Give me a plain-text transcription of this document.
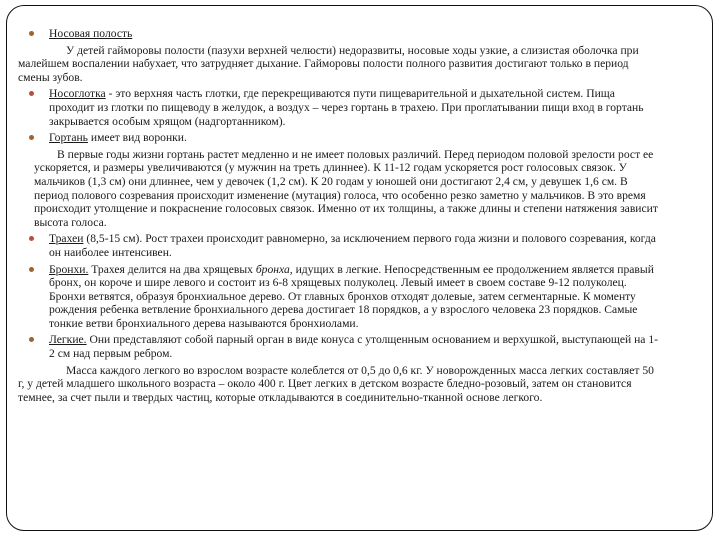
Носовая полость

У детей гайморовы полости (пазухи верхней челюсти) недоразвиты, носовые ходы узкие, а слизистая оболочка при малейшем воспалении набухает, что затрудняет дыхание. Гайморовы полости полного развития достигают только в период смены зубов.

Носоглотка - это верхняя часть глотки, где перекрещиваются пути пищеварительной и дыхательной систем. Пища проходит из глотки по пищеводу в желудок, а воздух – через гортань в трахею. При проглатывании пищи вход в гортань закрывается особым хрящом (надгортанником).
Гортань имеет вид воронки.

В первые годы жизни гортань растет медленно и не имеет половых различий. Перед периодом половой зрелости рост ее ускоряется, и размеры увеличиваются (у мужчин на треть длиннее). К 11-12 годам ускоряется рост голосовых связок. У мальчиков (1,3 см) они длиннее, чем у девочек (1,2 см). К 20 годам у юношей они достигают 2,4 см, у девушек 1,6 см. В период полового созревания происходит изменение (мутация) голоса, что особенно резко заметно у мальчиков. В это время происходит утолщение и покраснение голосовых связок. Именно от их толщины, а также длины и степени натяжения зависит высота голоса.

Трахеи (8,5-15 см). Рост трахеи происходит равномерно, за исключением первого года жизни и полового созревания, когда он наиболее интенсивен.
Бронхи. Трахея делится на два хрящевых бронха, идущих в легкие. Непосредственным ее продолжением является правый бронх, он короче и шире левого и состоит из 6-8 хрящевых полуколец. Левый имеет в своем составе 9-12 полуколец. Бронхи ветвятся, образуя бронхиальное дерево. От главных бронхов отходят долевые, затем сегментарные. К моменту рождения ребенка ветвление бронхиального дерева достигает 18 порядков, а у взрослого человека 23 порядков. Самые тонкие ветви бронхиального дерева называются бронхиолами.
Легкие. Они представляют собой парный орган в виде конуса с утолщенным основанием и верхушкой, выступающей на 1-2 см над первым ребром.

Масса каждого легкого во взрослом возрасте колеблется от 0,5 до 0,6 кг. У новорожденных масса легких составляет 50 г, у детей младшего школьного возраста – около 400 г. Цвет легких в детском возрасте бледно-розовый, затем он становится темнее, за счет пыли и твердых частиц, которые откладываются в соединительно-тканной основе легкого.
